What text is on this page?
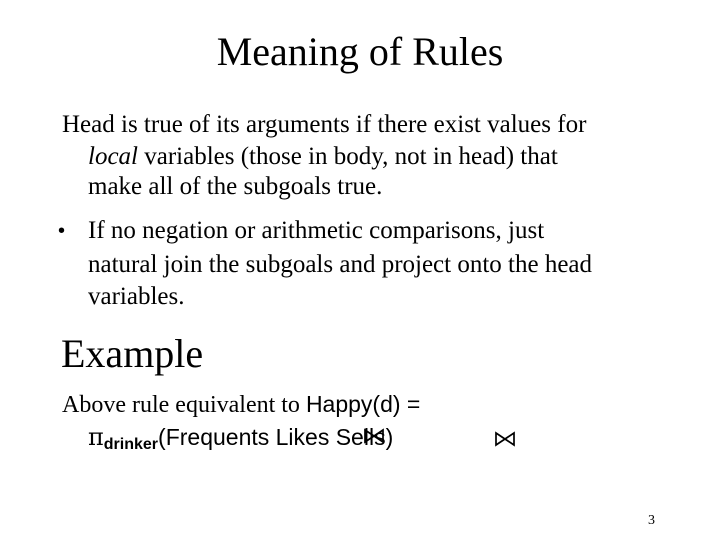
Meaning of Rules
Head is true of its arguments if there exist values for
local variables (those in body, not in head) that
make all of the subgoals true.
• If no negation or arithmetic comparisons, just
natural join the subgoals and project onto the head
variables.
Example
Above rule equivalent to Happy(d) =
$\pi_{drinker}(Frequents$ Likes Sells)
3
